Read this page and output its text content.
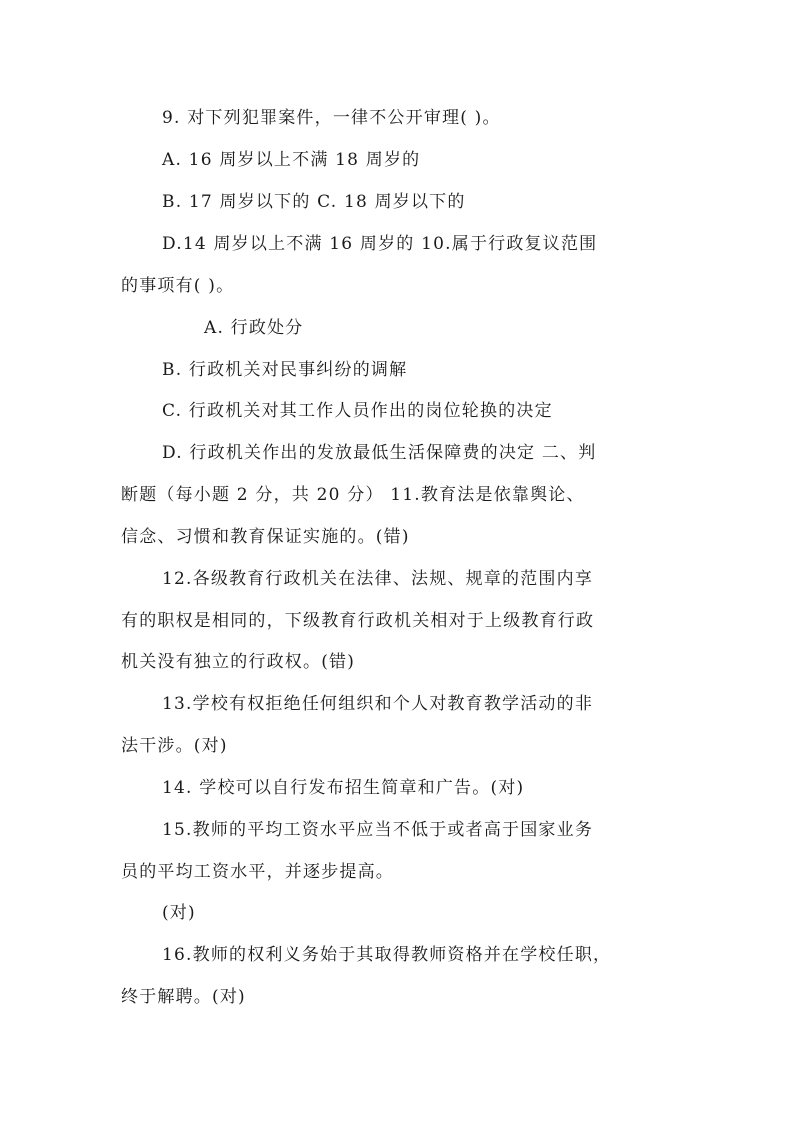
9. 对下列犯罪案件，一律不公开审理( )。
A. 16 周岁以上不满 18 周岁的
B. 17 周岁以下的 C. 18 周岁以下的
D.14 周岁以上不满 16 周岁的 10.属于行政复议范围
的事项有( )。
A. 行政处分
B. 行政机关对民事纠纷的调解
C. 行政机关对其工作人员作出的岗位轮换的决定
D. 行政机关作出的发放最低生活保障费的决定 二、判
断题（每小题 2 分，共 20 分） 11.教育法是依靠舆论、
信念、习惯和教育保证实施的。(错)
12.各级教育行政机关在法律、法规、规章的范围内享
有的职权是相同的，下级教育行政机关相对于上级教育行政
机关没有独立的行政权。(错)
13.学校有权拒绝任何组织和个人对教育教学活动的非
法干涉。(对)
14. 学校可以自行发布招生简章和广告。(对)
15.教师的平均工资水平应当不低于或者高于国家业务
员的平均工资水平，并逐步提高。
(对)
16.教师的权利义务始于其取得教师资格并在学校任职，
终于解聘。(对)
